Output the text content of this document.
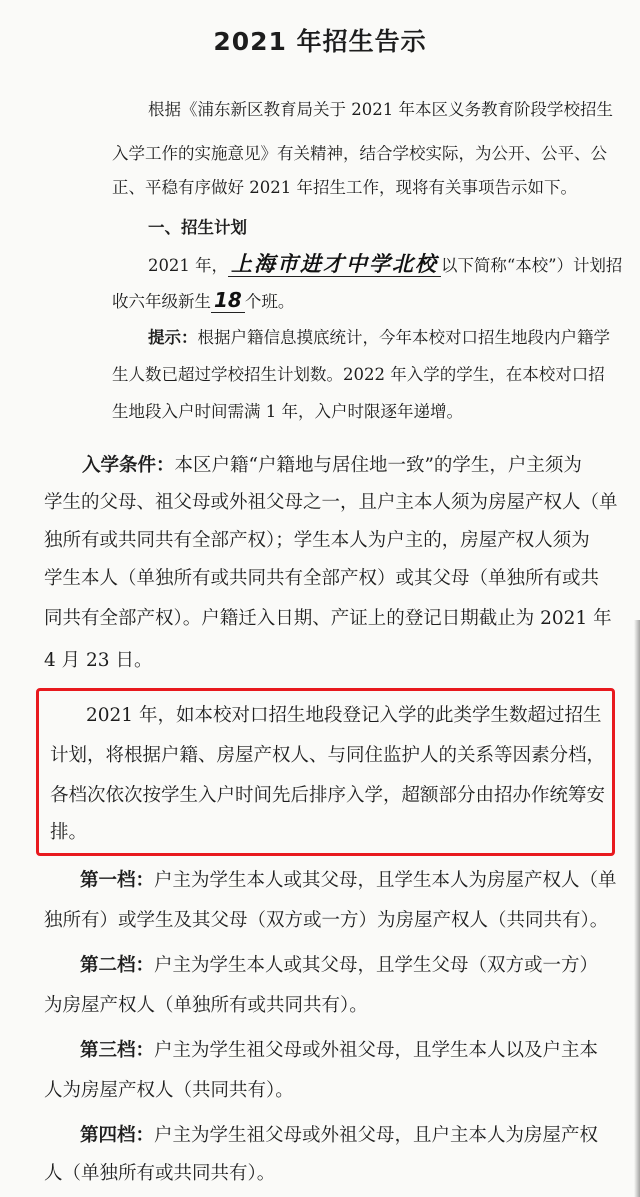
2021 年招生告示
根据《浦东新区教育局关于 2021 年本区义务教育阶段学校招生
入学工作的实施意见》有关精神，结合学校实际，为公开、公平、公
正、平稳有序做好 2021 年招生工作，现将有关事项告示如下。
一、招生计划
2021 年， 上海市进才中学北校 以下简称“本校”）计划招
收六年级新生 18 个班。
提示：根据户籍信息摸底统计，今年本校对口招生地段内户籍学
生人数已超过学校招生计划数。2022 年入学的学生，在本校对口招
生地段入户时间需满 1 年，入户时限逐年递增。
入学条件：本区户籍“户籍地与居住地一致”的学生，户主须为
学生的父母、祖父母或外祖父母之一，且户主本人须为房屋产权人（单
独所有或共同共有全部产权）；学生本人为户主的，房屋产权人须为
学生本人（单独所有或共同共有全部产权）或其父母（单独所有或共
同共有全部产权）。户籍迁入日期、产证上的登记日期截止为 2021 年
4 月 23 日。
2021 年，如本校对口招生地段登记入学的此类学生数超过招生
计划，将根据户籍、房屋产权人、与同住监护人的关系等因素分档，
各档次依次按学生入户时间先后排序入学，超额部分由招办作统筹安
排。
第一档：户主为学生本人或其父母，且学生本人为房屋产权人（单
独所有）或学生及其父母（双方或一方）为房屋产权人（共同共有）。
第二档：户主为学生本人或其父母，且学生父母（双方或一方）
为房屋产权人（单独所有或共同共有）。
第三档：户主为学生祖父母或外祖父母，且学生本人以及户主本
人为房屋产权人（共同共有）。
第四档：户主为学生祖父母或外祖父母，且户主本人为房屋产权
人（单独所有或共同共有）。
